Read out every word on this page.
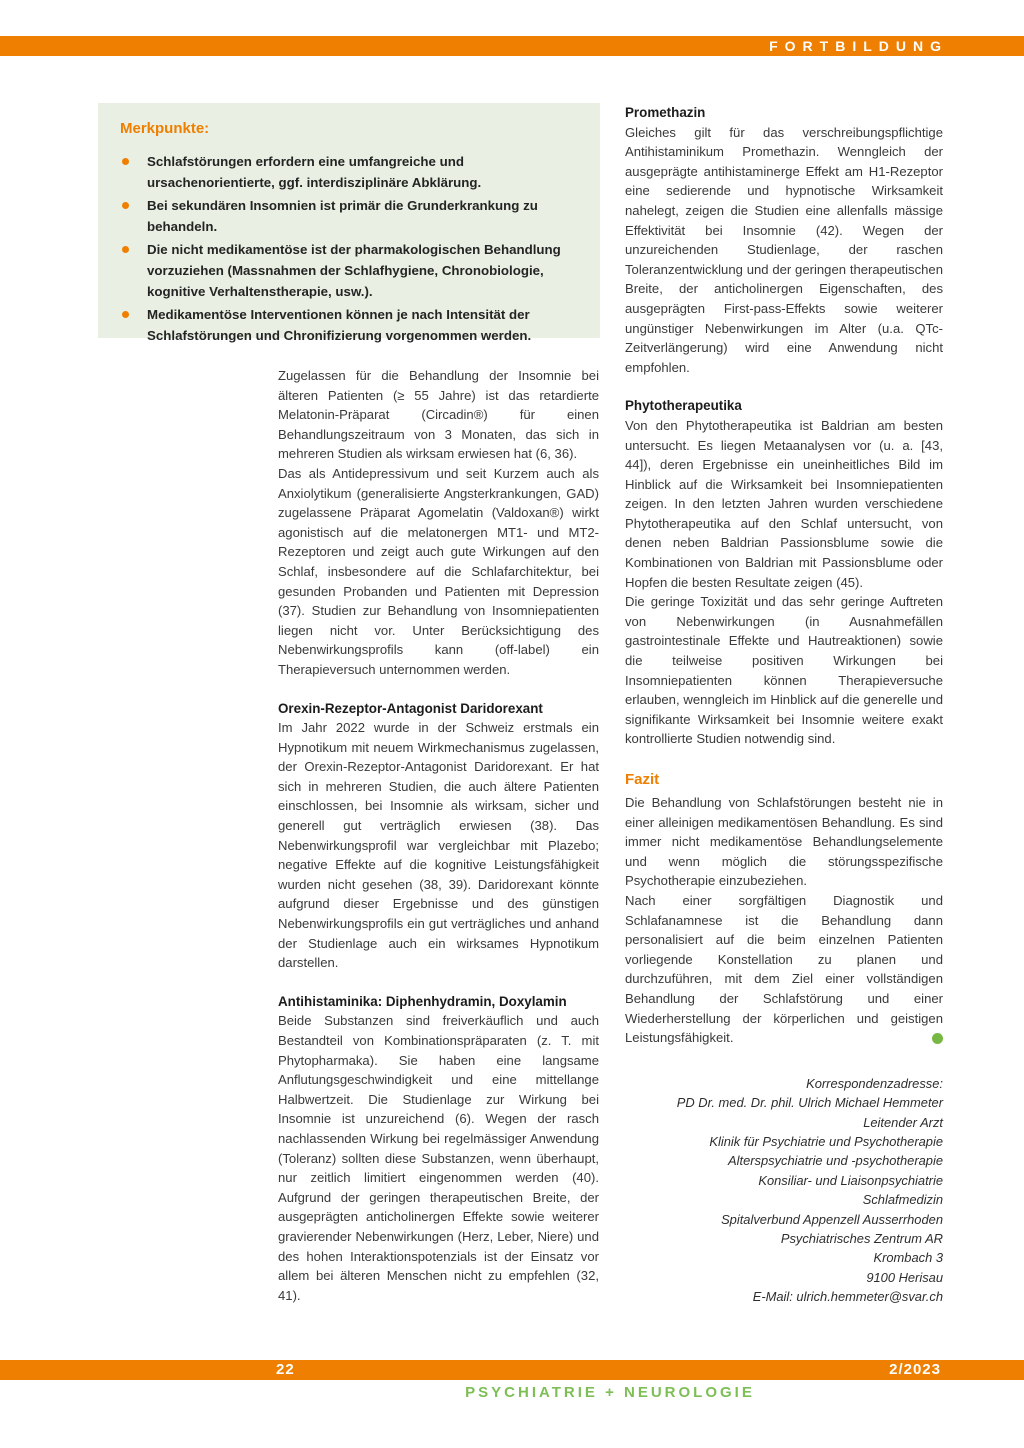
FORTBILDUNG
Merkpunkte:
Schlafstörungen erfordern eine umfangreiche und ursachenorientierte, ggf. interdisziplinäre Abklärung.
Bei sekundären Insomnien ist primär die Grunderkrankung zu behandeln.
Die nicht medikamentöse ist der pharmakologischen Behandlung vorzuziehen (Massnahmen der Schlafhygiene, Chronobiologie, kognitive Verhaltenstherapie, usw.).
Medikamentöse Interventionen können je nach Intensität der Schlafstörungen und Chronifizierung vorgenommen werden.

Zugelassen für die Behandlung der Insomnie bei älteren Patienten (≥ 55 Jahre) ist das retardierte Melatonin-Präparat (Circadin®) für einen Behandlungszeitraum von 3 Monaten, das sich in mehreren Studien als wirksam erwiesen hat (6, 36).

Das als Antidepressivum und seit Kurzem auch als Anxiolytikum (generalisierte Angsterkrankungen, GAD) zugelassene Präparat Agomelatin (Valdoxan®) wirkt agonistisch auf die melatonergen MT1- und MT2-Rezeptoren und zeigt auch gute Wirkungen auf den Schlaf, insbesondere auf die Schlafarchitektur, bei gesunden Probanden und Patienten mit Depression (37). Studien zur Behandlung von Insomniepatienten liegen nicht vor. Unter Berücksichtigung des Nebenwirkungsprofils kann (off-label) ein Therapieversuch unternommen werden.

Orexin-Rezeptor-Antagonist Daridorexant

Im Jahr 2022 wurde in der Schweiz erstmals ein Hypnotikum mit neuem Wirkmechanismus zugelassen, der Orexin-Rezeptor-Antagonist Daridorexant. Er hat sich in mehreren Studien, die auch ältere Patienten einschlossen, bei Insomnie als wirksam, sicher und generell gut verträglich erwiesen (38). Das Nebenwirkungsprofil war vergleichbar mit Plazebo; negative Effekte auf die kognitive Leistungsfähigkeit wurden nicht gesehen (38, 39). Daridorexant könnte aufgrund dieser Ergebnisse und des günstigen Nebenwirkungsprofils ein gut verträgliches und anhand der Studienlage auch ein wirksames Hypnotikum darstellen.

Antihistaminika: Diphenhydramin, Doxylamin

Beide Substanzen sind freiverkäuflich und auch Bestandteil von Kombinationspräparaten (z. T. mit Phytopharmaka). Sie haben eine langsame Anflutungsgeschwindigkeit und eine mittellange Halbwertzeit. Die Studienlage zur Wirkung bei Insomnie ist unzureichend (6). Wegen der rasch nachlassenden Wirkung bei regelmässiger Anwendung (Toleranz) sollten diese Substanzen, wenn überhaupt, nur zeitlich limitiert eingenommen werden (40). Aufgrund der geringen therapeutischen Breite, der ausgeprägten anticholinergen Effekte sowie weiterer gravierender Nebenwirkungen (Herz, Leber, Niere) und des hohen Interaktionspotenzials ist der Einsatz vor allem bei älteren Menschen nicht zu empfehlen (32, 41).

Promethazin

Gleiches gilt für das verschreibungspflichtige Antihistaminikum Promethazin. Wenngleich der ausgeprägte antihistaminerge Effekt am H1-Rezeptor eine sedierende und hypnotische Wirksamkeit nahelegt, zeigen die Studien eine allenfalls mässige Effektivität bei Insomnie (42). Wegen der unzureichenden Studienlage, der raschen Toleranzentwicklung und der geringen therapeutischen Breite, der anticholinergen Eigenschaften, des ausgeprägten First-pass-Effekts sowie weiterer ungünstiger Nebenwirkungen im Alter (u.a. QTc-Zeitverlängerung) wird eine Anwendung nicht empfohlen.

Phytotherapeutika

Von den Phytotherapeutika ist Baldrian am besten untersucht. Es liegen Metaanalysen vor (u. a. [43, 44]), deren Ergebnisse ein uneinheitliches Bild im Hinblick auf die Wirksamkeit bei Insomniepatienten zeigen. In den letzten Jahren wurden verschiedene Phytotherapeutika auf den Schlaf untersucht, von denen neben Baldrian Passionsblume sowie die Kombinationen von Baldrian mit Passionsblume oder Hopfen die besten Resultate zeigen (45).

Die geringe Toxizität und das sehr geringe Auftreten von Nebenwirkungen (in Ausnahmefällen gastrointestinale Effekte und Hautreaktionen) sowie die teilweise positiven Wirkungen bei Insomniepatienten können Therapieversuche erlauben, wenngleich im Hinblick auf die generelle und signifikante Wirksamkeit bei Insomnie weitere exakt kontrollierte Studien notwendig sind.

Fazit

Die Behandlung von Schlafstörungen besteht nie in einer alleinigen medikamentösen Behandlung. Es sind immer nicht medikamentöse Behandlungselemente und wenn möglich die störungsspezifische Psychotherapie einzubeziehen.

Nach einer sorgfältigen Diagnostik und Schlafanamnese ist die Behandlung dann personalisiert auf die beim einzelnen Patienten vorliegende Konstellation zu planen und durchzuführen, mit dem Ziel einer vollständigen Behandlung der Schlafstörung und einer Wiederherstellung der körperlichen und geistigen Leistungsfähigkeit.

Korrespondenzadresse:
PD Dr. med. Dr. phil. Ulrich Michael Hemmeter
Leitender Arzt
Klinik für Psychiatrie und Psychotherapie
Alterspsychiatrie und -psychotherapie
Konsiliar- und Liaisonpsychiatrie
Schlafmedizin
Spitalverbund Appenzell Ausserrhoden
Psychiatrisches Zentrum AR
Krombach 3
9100 Herisau
E-Mail: ulrich.hemmeter@svar.ch
22	2/2023
PSYCHIATRIE + NEUROLOGIE
